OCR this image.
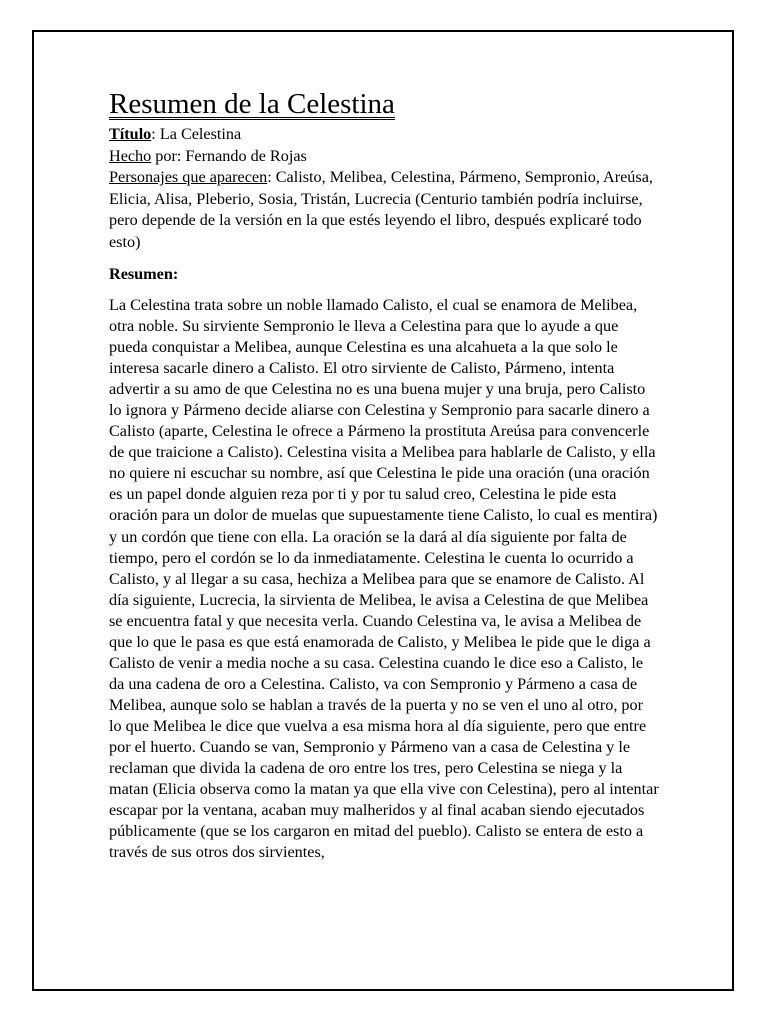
Resumen de la Celestina
Título: La Celestina
Hecho por: Fernando de Rojas
Personajes que aparecen: Calisto, Melibea, Celestina, Pármeno, Sempronio, Areúsa, Elicia, Alisa, Pleberio, Sosia, Tristán, Lucrecia (Centurio también podría incluirse, pero depende de la versión en la que estés leyendo el libro, después explicaré todo esto)
Resumen:

La Celestina trata sobre un noble llamado Calisto, el cual se enamora de Melibea, otra noble. Su sirviente Sempronio le lleva a Celestina para que lo ayude a que pueda conquistar a Melibea, aunque Celestina es una alcahueta a la que solo le interesa sacarle dinero a Calisto. El otro sirviente de Calisto, Pármeno, intenta advertir a su amo de que Celestina no es una buena mujer y una bruja, pero Calisto lo ignora y Pármeno decide aliarse con Celestina y Sempronio para sacarle dinero a Calisto (aparte, Celestina le ofrece a Pármeno la prostituta Areúsa para convencerle de que traicione a Calisto). Celestina visita a Melibea para hablarle de Calisto, y ella no quiere ni escuchar su nombre, así que Celestina le pide una oración (una oración es un papel donde alguien reza por ti y por tu salud creo, Celestina le pide esta oración para un dolor de muelas que supuestamente tiene Calisto, lo cual es mentira) y un cordón que tiene con ella. La oración se la dará al día siguiente por falta de tiempo, pero el cordón se lo da inmediatamente. Celestina le cuenta lo ocurrido a Calisto, y al llegar a su casa, hechiza a Melibea para que se enamore de Calisto. Al día siguiente, Lucrecia, la sirvienta de Melibea, le avisa a Celestina de que Melibea se encuentra fatal y que necesita verla. Cuando Celestina va, le avisa a Melibea de que lo que le pasa es que está enamorada de Calisto, y Melibea le pide que le diga a Calisto de venir a media noche a su casa. Celestina cuando le dice eso a Calisto, le da una cadena de oro a Celestina. Calisto, va con Sempronio y Pármeno a casa de Melibea, aunque solo se hablan a través de la puerta y no se ven el uno al otro, por lo que Melibea le dice que vuelva a esa misma hora al día siguiente, pero que entre por el huerto. Cuando se van, Sempronio y Pármeno van a casa de Celestina y le reclaman que divida la cadena de oro entre los tres, pero Celestina se niega y la matan (Elicia observa como la matan ya que ella vive con Celestina), pero al intentar escapar por la ventana, acaban muy malheridos y al final acaban siendo ejecutados públicamente (que se los cargaron en mitad del pueblo). Calisto se entera de esto a través de sus otros dos sirvientes,
